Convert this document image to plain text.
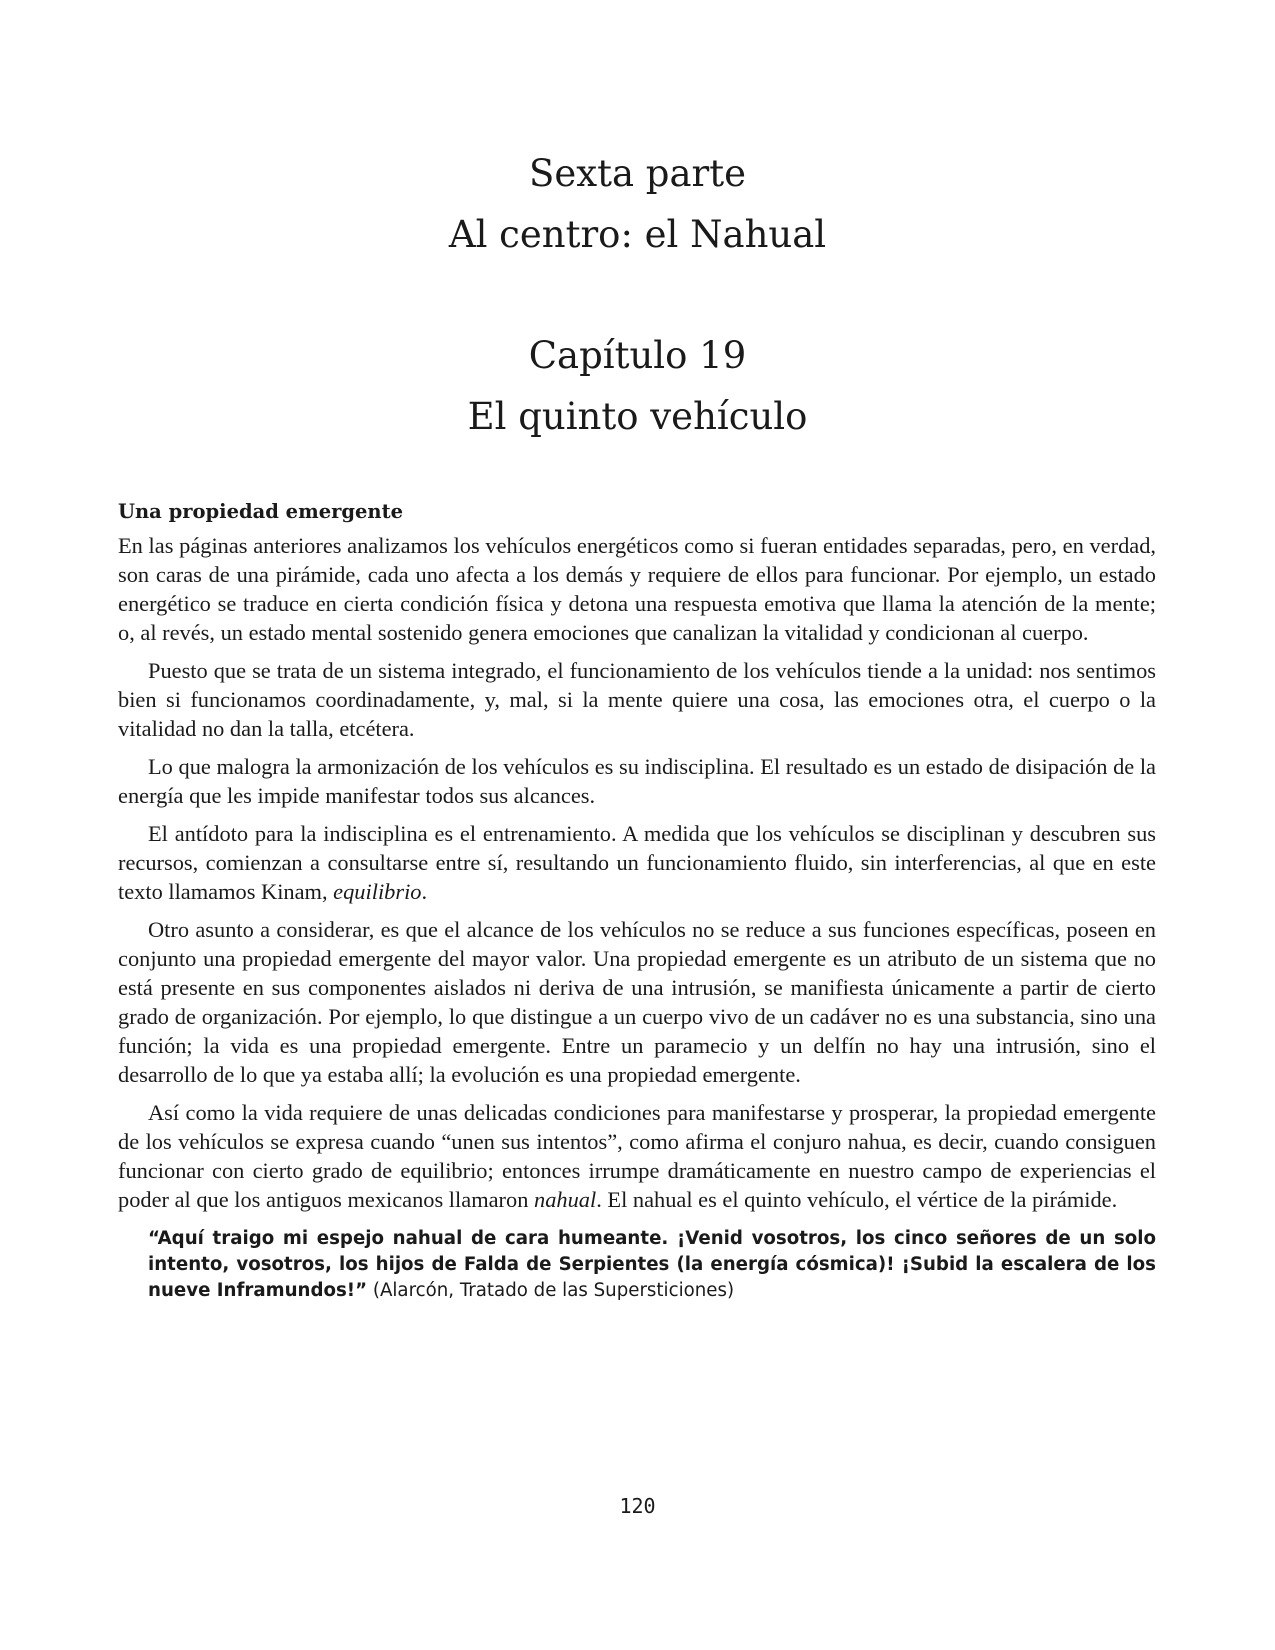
Sexta parte
Al centro: el Nahual
Capítulo 19
El quinto vehículo
Una propiedad emergente

En las páginas anteriores analizamos los vehículos energéticos como si fueran entidades separadas, pero, en verdad, son caras de una pirámide, cada uno afecta a los demás y requiere de ellos para funcionar. Por ejemplo, un estado energético se traduce en cierta condición física y detona una respuesta emotiva que llama la atención de la mente; o, al revés, un estado mental sostenido genera emociones que canalizan la vitalidad y condicionan al cuerpo.

Puesto que se trata de un sistema integrado, el funcionamiento de los vehículos tiende a la unidad: nos sentimos bien si funcionamos coordinadamente, y, mal, si la mente quiere una cosa, las emociones otra, el cuerpo o la vitalidad no dan la talla, etcétera.

Lo que malogra la armonización de los vehículos es su indisciplina. El resultado es un estado de disipación de la energía que les impide manifestar todos sus alcances.

El antídoto para la indisciplina es el entrenamiento. A medida que los vehículos se disciplinan y descubren sus recursos, comienzan a consultarse entre sí, resultando un funcionamiento fluido, sin interferencias, al que en este texto llamamos Kinam, equilibrio.

Otro asunto a considerar, es que el alcance de los vehículos no se reduce a sus funciones específicas, poseen en conjunto una propiedad emergente del mayor valor. Una propiedad emergente es un atributo de un sistema que no está presente en sus componentes aislados ni deriva de una intrusión, se manifiesta únicamente a partir de cierto grado de organización. Por ejemplo, lo que distingue a un cuerpo vivo de un cadáver no es una substancia, sino una función; la vida es una propiedad emergente. Entre un paramecio y un delfín no hay una intrusión, sino el desarrollo de lo que ya estaba allí; la evolución es una propiedad emergente.

Así como la vida requiere de unas delicadas condiciones para manifestarse y prosperar, la propiedad emergente de los vehículos se expresa cuando “unen sus intentos”, como afirma el conjuro nahua, es decir, cuando consiguen funcionar con cierto grado de equilibrio; entonces irrumpe dramáticamente en nuestro campo de experiencias el poder al que los antiguos mexicanos llamaron nahual. El nahual es el quinto vehículo, el vértice de la pirámide.

“Aquí traigo mi espejo nahual de cara humeante. ¡Venid vosotros, los cinco señores de un solo intento, vosotros, los hijos de Falda de Serpientes (la energía cósmica)! ¡Subid la escalera de los nueve Inframundos!” (Alarcón, Tratado de las Supersticiones)
120
